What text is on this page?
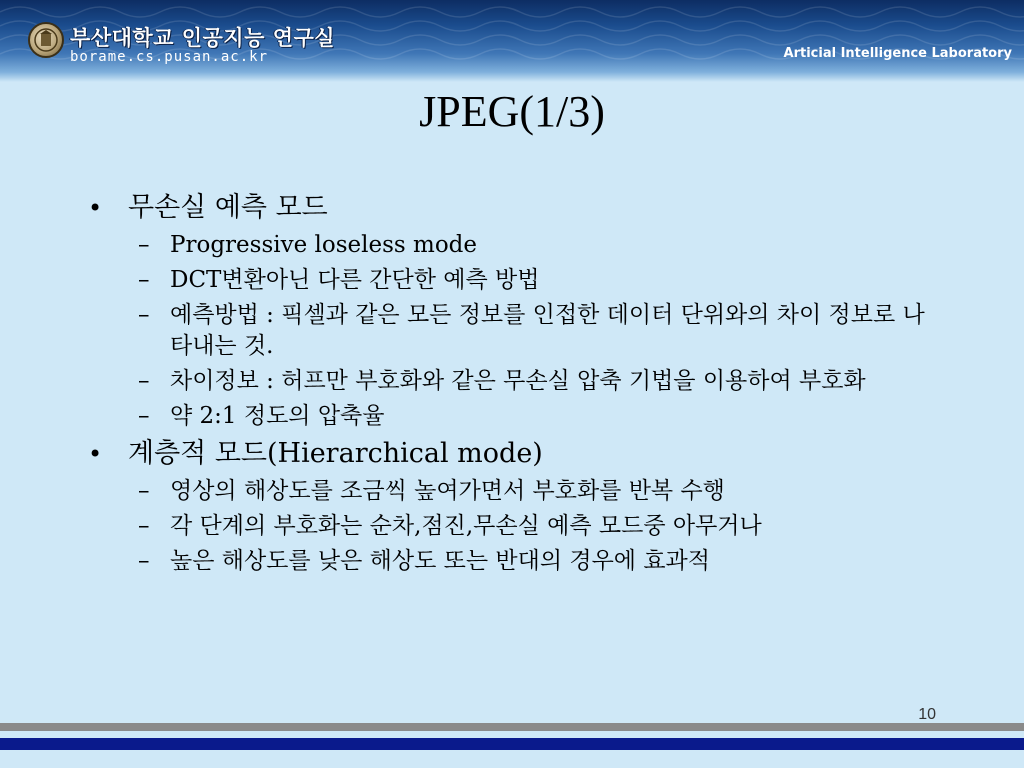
부산대학교 인공지능 연구실
borame.cs.pusan.ac.kr	Articial Intelligence Laboratory
JPEG(1/3)
• 무손실 예측 모드
– Progressive loseless mode
– DCT변환아닌 다른 간단한 예측 방법
– 예측방법 : 픽셀과 같은 모든 정보를 인접한 데이터 단위와의 차이 정보로 나타내는 것.
– 차이정보 : 허프만 부호화와 같은 무손실 압축 기법을 이용하여 부호화
– 약 2:1 정도의 압축율
• 계층적 모드(Hierarchical mode)
– 영상의 해상도를 조금씩 높여가면서 부호화를 반복 수행
– 각 단계의 부호화는 순차,점진,무손실 예측 모드중 아무거나
– 높은 해상도를 낮은 해상도 또는 반대의 경우에 효과적
10
